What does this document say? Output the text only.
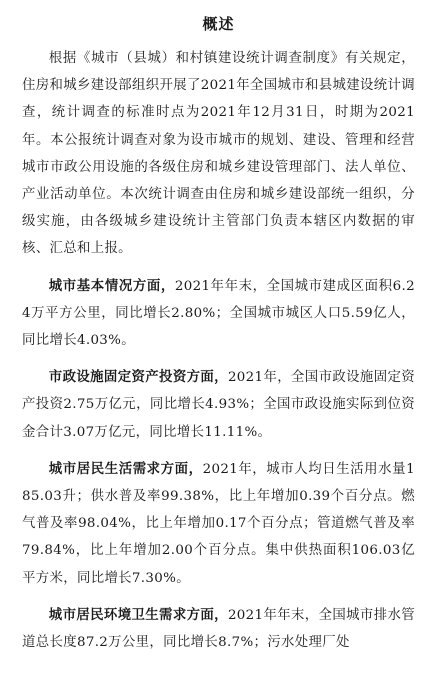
概述

根据《城市（县城）和村镇建设统计调查制度》有关规定，住房和城乡建设部组织开展了2021年全国城市和县城建设统计调查，统计调查的标准时点为2021年12月31日，时期为2021年。本公报统计调查对象为设市城市的规划、建设、管理和经营城市市政公用设施的各级住房和城乡建设管理部门、法人单位、产业活动单位。本次统计调查由住房和城乡建设部统一组织，分级实施，由各级城乡建设统计主管部门负责本辖区内数据的审核、汇总和上报。

城市基本情况方面，2021年年末，全国城市建成区面积6.24万平方公里，同比增长2.80%；全国城市城区人口5.59亿人，同比增长4.03%。

市政设施固定资产投资方面，2021年，全国市政设施固定资产投资2.75万亿元，同比增长4.93%；全国市政设施实际到位资金合计3.07万亿元，同比增长11.11%。

城市居民生活需求方面，2021年，城市人均日生活用水量185.03升；供水普及率99.38%，比上年增加0.39个百分点。燃气普及率98.04%，比上年增加0.17个百分点；管道燃气普及率79.84%，比上年增加2.00个百分点。集中供热面积106.03亿平方米，同比增长7.30%。

城市居民环境卫生需求方面，2021年年末，全国城市排水管道总长度87.2万公里，同比增长8.7%；污水处理厂处
